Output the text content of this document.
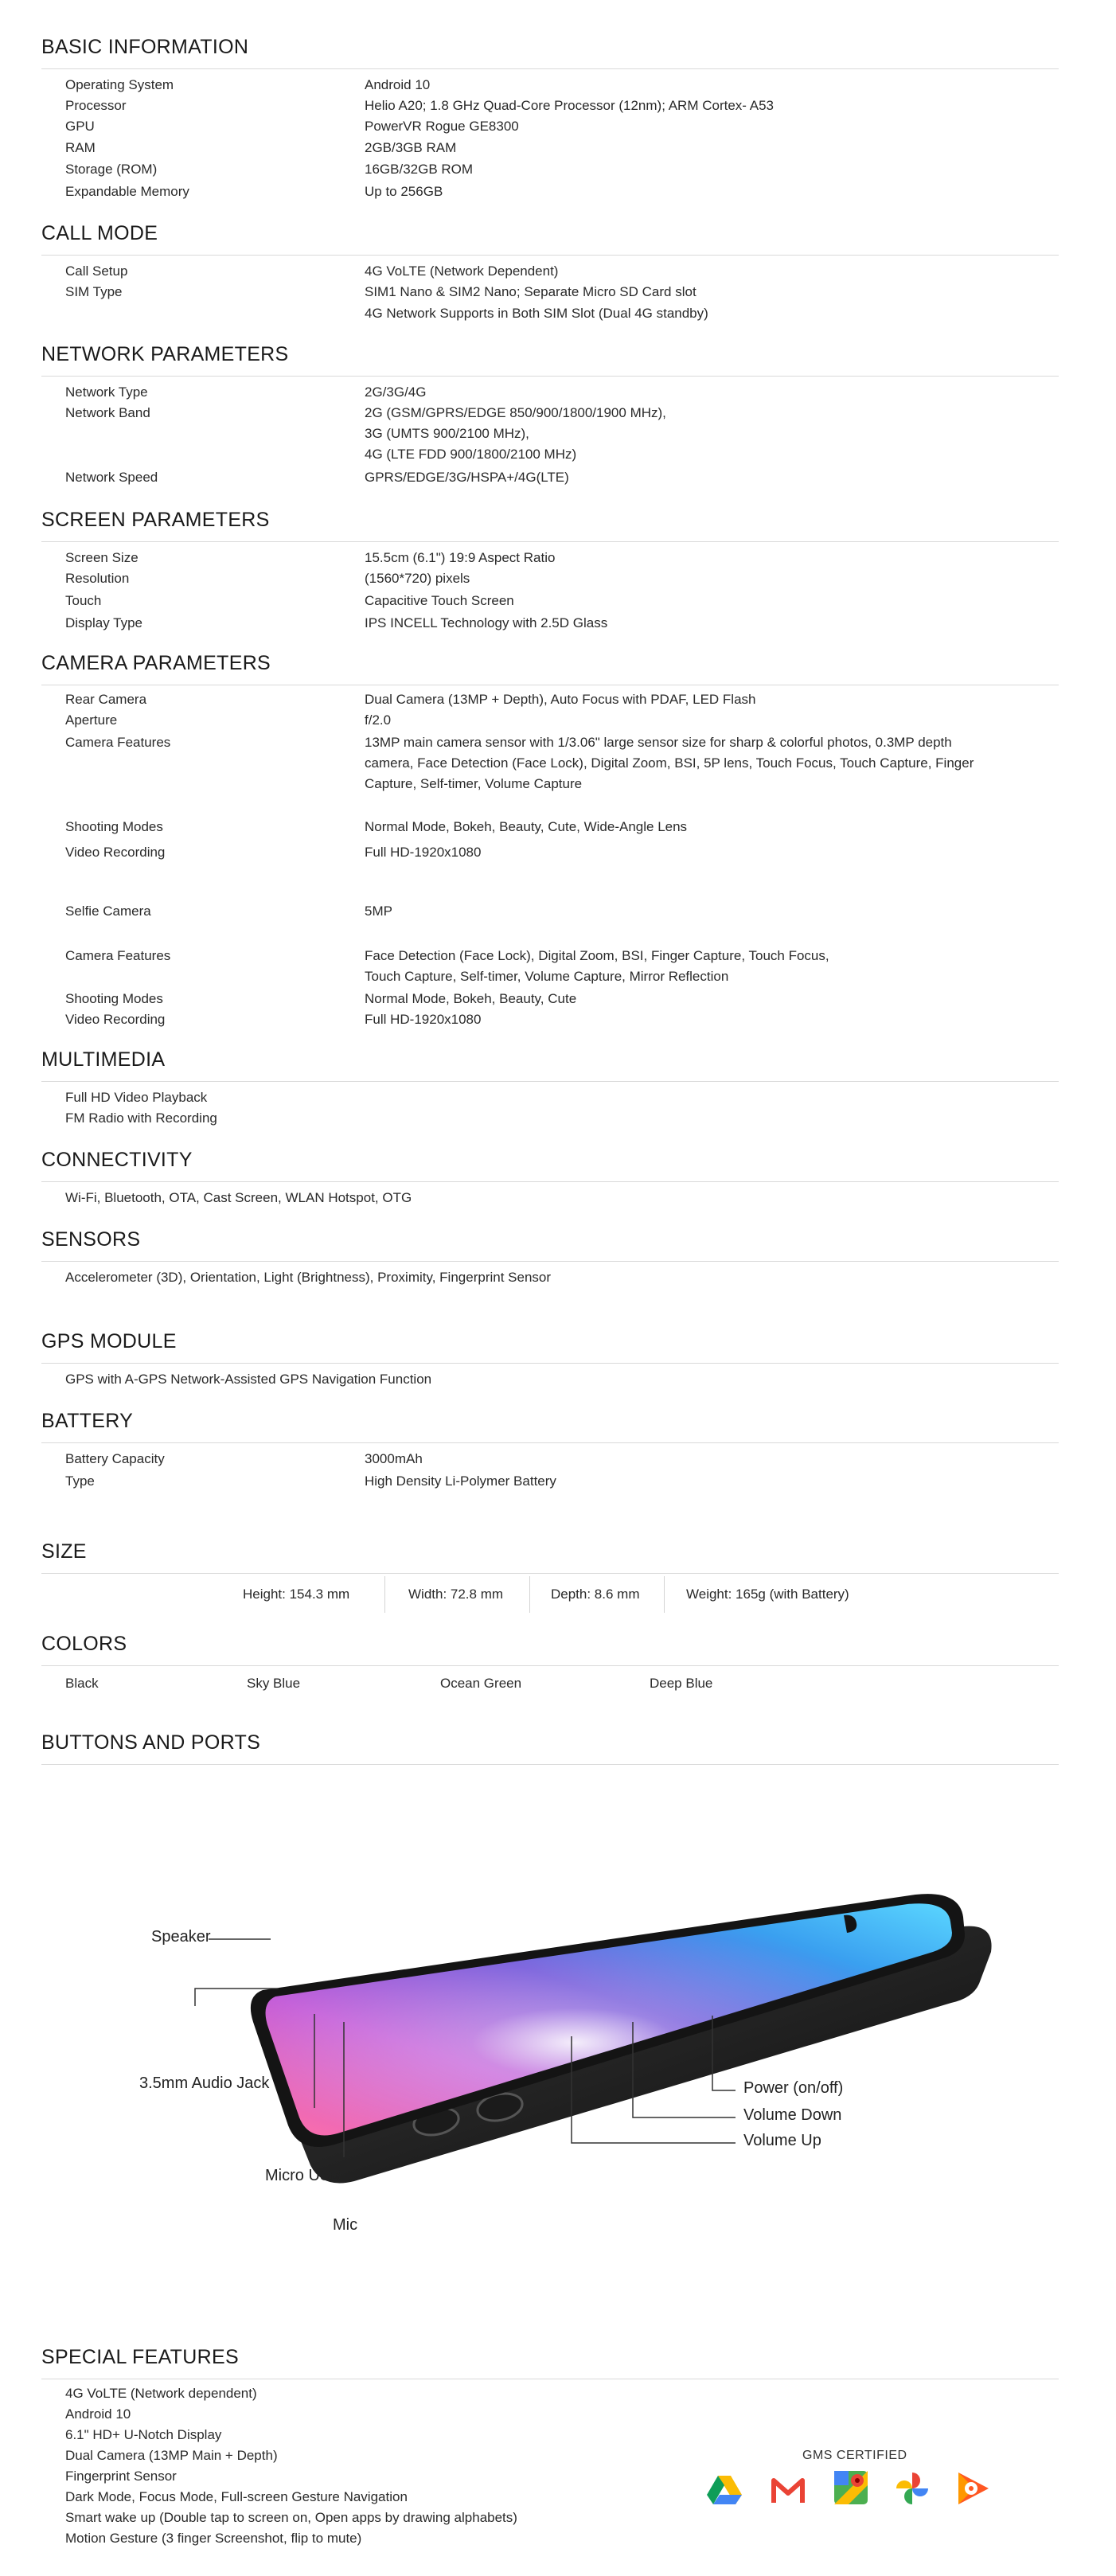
BASIC INFORMATION
Operating System	Android 10
Processor	Helio A20; 1.8 GHz Quad-Core Processor (12nm); ARM Cortex- A53
GPU	PowerVR Rogue GE8300
RAM	2GB/3GB RAM
Storage (ROM)	16GB/32GB ROM
Expandable Memory	Up to 256GB
CALL MODE
Call Setup	4G VoLTE (Network Dependent)
SIM Type	SIM1 Nano & SIM2 Nano; Separate Micro SD Card slot
4G Network Supports in Both SIM Slot (Dual 4G standby)
NETWORK PARAMETERS
Network Type	2G/3G/4G
Network Band	2G (GSM/GPRS/EDGE 850/900/1800/1900 MHz),
3G (UMTS 900/2100 MHz),
4G (LTE FDD 900/1800/2100 MHz)
Network Speed	GPRS/EDGE/3G/HSPA+/4G(LTE)
SCREEN PARAMETERS
Screen Size	15.5cm (6.1") 19:9 Aspect Ratio
Resolution	(1560*720) pixels
Touch	Capacitive Touch Screen
Display Type	IPS INCELL Technology with 2.5D Glass
CAMERA PARAMETERS
Rear Camera	Dual Camera (13MP + Depth), Auto Focus with PDAF, LED Flash
Aperture	f/2.0
Camera Features	13MP main camera sensor with 1/3.06" large sensor size for sharp & colorful photos, 0.3MP depth
camera, Face Detection (Face Lock), Digital Zoom, BSI, 5P lens, Touch Focus, Touch Capture, Finger
Capture, Self-timer, Volume Capture
Shooting Modes	Normal Mode, Bokeh, Beauty, Cute, Wide-Angle Lens
Video Recording	Full HD-1920x1080
Selfie Camera	5MP
Camera Features	Face Detection (Face Lock), Digital Zoom, BSI, Finger Capture, Touch Focus,
Touch Capture, Self-timer, Volume Capture, Mirror Reflection
Shooting Modes	Normal Mode, Bokeh, Beauty, Cute
Video Recording	Full HD-1920x1080
MULTIMEDIA
Full HD Video Playback
FM Radio with Recording
CONNECTIVITY
Wi-Fi, Bluetooth, OTA, Cast Screen, WLAN Hotspot, OTG
SENSORS
Accelerometer (3D), Orientation, Light (Brightness), Proximity, Fingerprint Sensor
GPS MODULE
GPS with A-GPS Network-Assisted GPS Navigation Function
BATTERY
Battery Capacity	3000mAh
Type	High Density Li-Polymer Battery
SIZE
Height: 154.3 mm	Width: 72.8 mm	Depth: 8.6 mm	Weight: 165g (with Battery)
COLORS
Black	Sky Blue	Ocean Green	Deep Blue
BUTTONS AND PORTS
Speaker
3.5mm Audio Jack
Micro USB
Mic
Power (on/off)
Volume Down
Volume Up
SPECIAL FEATURES
4G VoLTE (Network dependent)
Android 10
6.1" HD+ U-Notch Display
Dual Camera (13MP Main + Depth)
Fingerprint Sensor
Dark Mode, Focus Mode, Full-screen Gesture Navigation
Smart wake up (Double tap to screen on, Open apps by drawing alphabets)
Motion Gesture (3 finger Screenshot, flip to mute)
GMS CERTIFIED
